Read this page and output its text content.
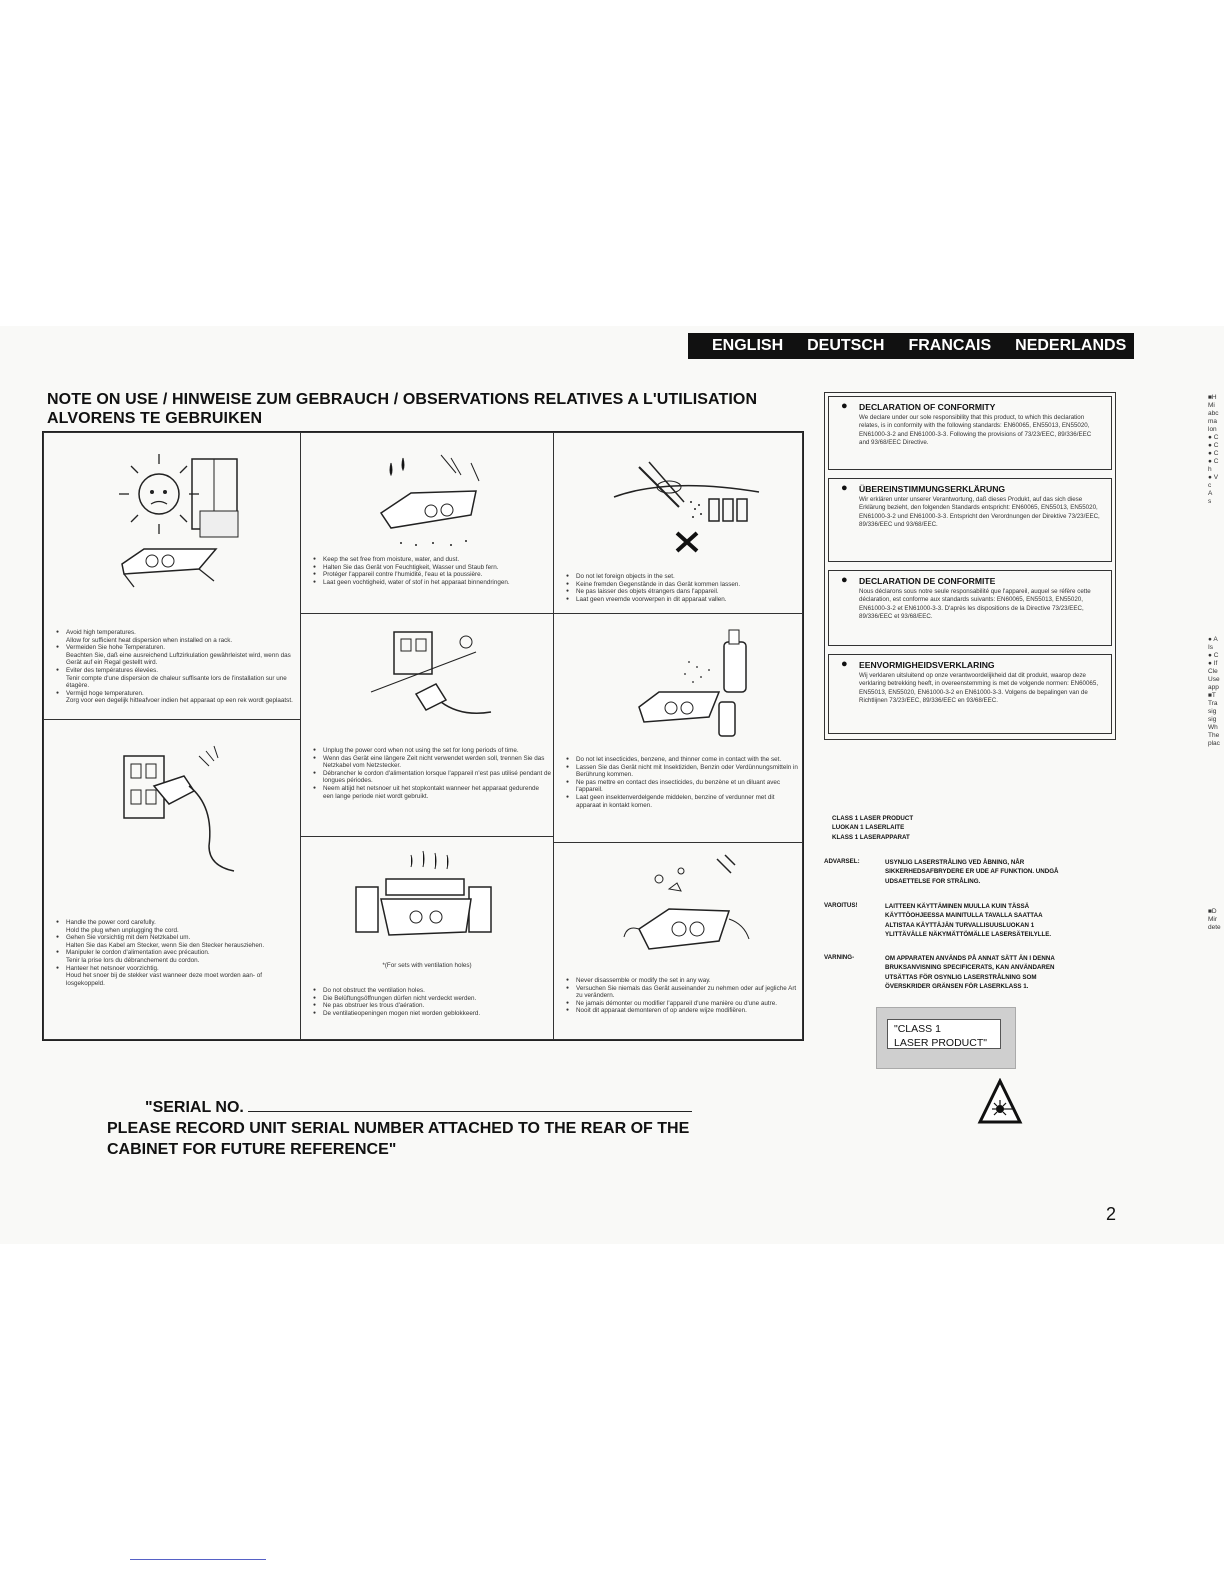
ENGLISH DEUTSCH FRANCAIS NEDERLANDS
NOTE ON USE / HINWEISE ZUM GEBRAUCH / OBSERVATIONS RELATIVES A L'UTILISATION
ALVORENS TE GEBRUIKEN
● Avoid high temperatures.
Allow for sufficient heat dispersion when installed on a rack.
● Vermeiden Sie hohe Temperaturen.
Beachten Sie, daß eine ausreichend Luftzirkulation gewährleistet wird, wenn das Gerät auf ein Regal gestellt wird.
● Eviter des températures élevées.
Tenir compte d'une dispersion de chaleur suffisante lors de l'installation sur une étagère.
● Vermijd hoge temperaturen.
Zorg voor een degelijk hitteafvoer indien het apparaat op een rek wordt geplaatst.
● Keep the set free from moisture, water, and dust.
● Halten Sie das Gerät von Feuchtigkeit, Wasser und Staub fern.
● Protéger l'appareil contre l'humidité, l'eau et la poussière.
● Laat geen vochtigheid, water of stof in het apparaat binnendringen.
● Do not let foreign objects in the set.
● Keine fremden Gegenstände in das Gerät kommen lassen.
● Ne pas laisser des objets étrangers dans l'appareil.
● Laat geen vreemde voorwerpen in dit apparaat vallen.
● Unplug the power cord when not using the set for long periods of time.
● Wenn das Gerät eine längere Zeit nicht verwendet werden soll, trennen Sie das Netzkabel vom Netzstecker.
● Débrancher le cordon d'alimentation lorsque l'appareil n'est pas utilisé pendant de longues périodes.
● Neem altijd het netsnoer uit het stopkontakt wanneer het apparaat gedurende een lange periode niet wordt gebruikt.
● Do not let insecticides, benzene, and thinner come in contact with the set.
● Lassen Sie das Gerät nicht mit Insektiziden, Benzin oder Verdünnungsmitteln in Berührung kommen.
● Ne pas mettre en contact des insecticides, du benzène et un diluant avec l'appareil.
● Laat geen insektenverdelgende middelen, benzine of verdunner met dit apparaat in kontakt komen.
● Handle the power cord carefully.
Hold the plug when unplugging the cord.
● Gehen Sie vorsichtig mit dem Netzkabel um.
Halten Sie das Kabel am Stecker, wenn Sie den Stecker herausziehen.
● Manipuler le cordon d'alimentation avec précaution.
Tenir la prise lors du débranchement du cordon.
● Hanteer het netsnoer voorzichtig.
Houd het snoer bij de stekker vast wanneer deze moet worden aan- of losgekoppeld.
*(For sets with ventilation holes)
● Do not obstruct the ventilation holes.
● Die Belüftungsöffnungen dürfen nicht verdeckt werden.
● Ne pas obstruer les trous d'aération.
● De ventilatieopeningen mogen niet worden geblokkeerd.
● Never disassemble or modify the set in any way.
● Versuchen Sie niemals das Gerät auseinander zu nehmen oder auf jegliche Art zu verändern.
● Ne jamais démonter ou modifier l'appareil d'une manière ou d'une autre.
● Nooit dit apparaat demonteren of op andere wijze modifiëren.
● DECLARATION OF CONFORMITY

We declare under our sole responsibility that this product, to which this declaration relates, is in conformity with the following standards: EN60065, EN55013, EN55020, EN61000-3-2 and EN61000-3-3. Following the provisions of 73/23/EEC, 89/336/EEC and 93/68/EEC Directive.

● ÜBEREINSTIMMUNGSERKLÄRUNG

Wir erklären unter unserer Verantwortung, daß dieses Produkt, auf das sich diese Erklärung bezieht, den folgenden Standards entspricht: EN60065, EN55013, EN55020, EN61000-3-2 und EN61000-3-3. Entspricht den Verordnungen der Direktive 73/23/EEC, 89/336/EEC und 93/68/EEC.

● DECLARATION DE CONFORMITE

Nous déclarons sous notre seule responsabilité que l'appareil, auquel se réfère cette déclaration, est conforme aux standards suivants: EN60065, EN55013, EN55020, EN61000-3-2 et EN61000-3-3. D'après les dispositions de la Directive 73/23/EEC, 89/336/EEC et 93/68/EEC.

● EENVORMIGHEIDSVERKLARING

Wij verklaren uitsluitend op onze verantwoordelijkheid dat dit produkt, waarop deze verklaring betrekking heeft, in overeenstemming is met de volgende normen: EN60065, EN55013, EN55020, EN61000-3-2 en EN61000-3-3. Volgens de bepalingen van de Richtlijnen 73/23/EEC, 89/336/EEC en 93/68/EEC.

CLASS 1 LASER PRODUCT
LUOKAN 1 LASERLAITE
KLASS 1 LASERAPPARAT
ADVARSEL:	USYNLIG LASERSTRÅLING VED ÅBNING, NÅR SIKKERHEDSAFBRYDERE ER UDE AF FUNKTION. UNDGÅ UDSAETTELSE FOR STRÅLING.
VAROITUS!	LAITTEEN KÄYTTÄMINEN MUULLA KUIN TÄSSÄ KÄYTTÖOHJEESSA MAINITULLA TAVALLA SAATTAA ALTISTAA KÄYTTÄJÄN TURVALLISUUSLUOKAN 1 YLITTÄVÄLLE NÄKYMÄTTÖMÄLLE LASERSÄTEILYLLE.
VARNING-	OM APPARATEN ANVÄNDS PÅ ANNAT SÄTT ÄN I DENNA BRUKSANVISNING SPECIFICERATS, KAN ANVÄNDAREN UTSÄTTAS FÖR OSYNLIG LASERSTRÅLNING SOM ÖVERSKRIDER GRÄNSEN FÖR LASERKLASS 1.
"CLASS 1
LASER PRODUCT"
"SERIAL NO.
PLEASE RECORD UNIT SERIAL NUMBER ATTACHED TO THE REAR OF THE
CABINET FOR FUTURE REFERENCE"
2
■H
Mi
abc
ma
lon
● C
● C
● C
● C
h
● V
c
A
s
● A
Is
● C
● If
Cle
Use
app
■T
Tra
sig
sig
Wh
The
plac
■D
Mir
dete
